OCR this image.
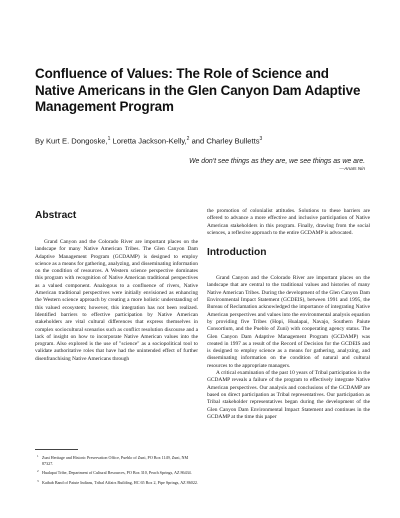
Confluence of Values: The Role of Science and Native Americans in the Glen Canyon Dam Adaptive Management Program

By Kurt E. Dongoske,$^1$ Loretta Jackson-Kelly,$^2$ and Charley Bulletts$^3$

We don't see things as they are, we see things as we are.

—Anaïs Nin

Abstract

Grand Canyon and the Colorado River are important places on the landscape for many Native American Tribes. The Glen Canyon Dam Adaptive Management Program (GCDAMP) is designed to employ science as a means for gathering, analyzing, and disseminating information on the condition of resources. A Western science perspective dominates this program with recognition of Native American traditional perspectives as a valued component. Analogous to a confluence of rivers, Native American traditional perspectives were initially envisioned as enhancing the Western science approach by creating a more holistic understanding of this valued ecosystem; however, this integration has not been realized. Identified barriers to effective participation by Native American stakeholders are vital cultural differences that express themselves in complex sociocultural scenarios such as conflict resolution discourse and a lack of insight on how to incorporate Native American values into the program. Also explored is the use of "science" as a sociopolitical tool to validate authoritative roles that have had the unintended effect of further disenfranchising Native Americans through

1 Zuni Heritage and Historic Preservation Office, Pueblo of Zuni, PO Box 1149, Zuni, NM 87327.

2 Hualapai Tribe, Department of Cultural Resources, PO Box 310, Peach Springs, AZ 86434.

3 Kaibab Band of Paiute Indians, Tribal Affairs Building, HC 65 Box 2, Pipe Springs, AZ 86022.

the promotion of colonialist attitudes. Solutions to these barriers are offered to advance a more effective and inclusive participation of Native American stakeholders in this program. Finally, drawing from the social sciences, a reflexive approach to the entire GCDAMP is advocated.

Introduction

Grand Canyon and the Colorado River are important places on the landscape that are central to the traditional values and histories of many Native American Tribes. During the development of the Glen Canyon Dam Environmental Impact Statement (GCDEIS), between 1991 and 1995, the Bureau of Reclamation acknowledged the importance of integrating Native American perspectives and values into the environmental analysis equation by providing five Tribes (Hopi, Hualapai, Navajo, Southern Paiute Consortium, and the Pueblo of Zuni) with cooperating agency status. The Glen Canyon Dam Adaptive Management Program (GCDAMP) was created in 1997 as a result of the Record of Decision for the GCDEIS and is designed to employ science as a means for gathering, analyzing, and disseminating information on the condition of natural and cultural resources to the appropriate managers.

A critical examination of the past 10 years of Tribal participation in the GCDAMP reveals a failure of the program to effectively integrate Native American perspectives. Our analysis and conclusions of the GCDAMP are based on direct participation as Tribal representatives. Our participation as Tribal stakeholder representatives began during the development of the Glen Canyon Dam Environmental Impact Statement and continues in the GCDAMP at the time this paper
